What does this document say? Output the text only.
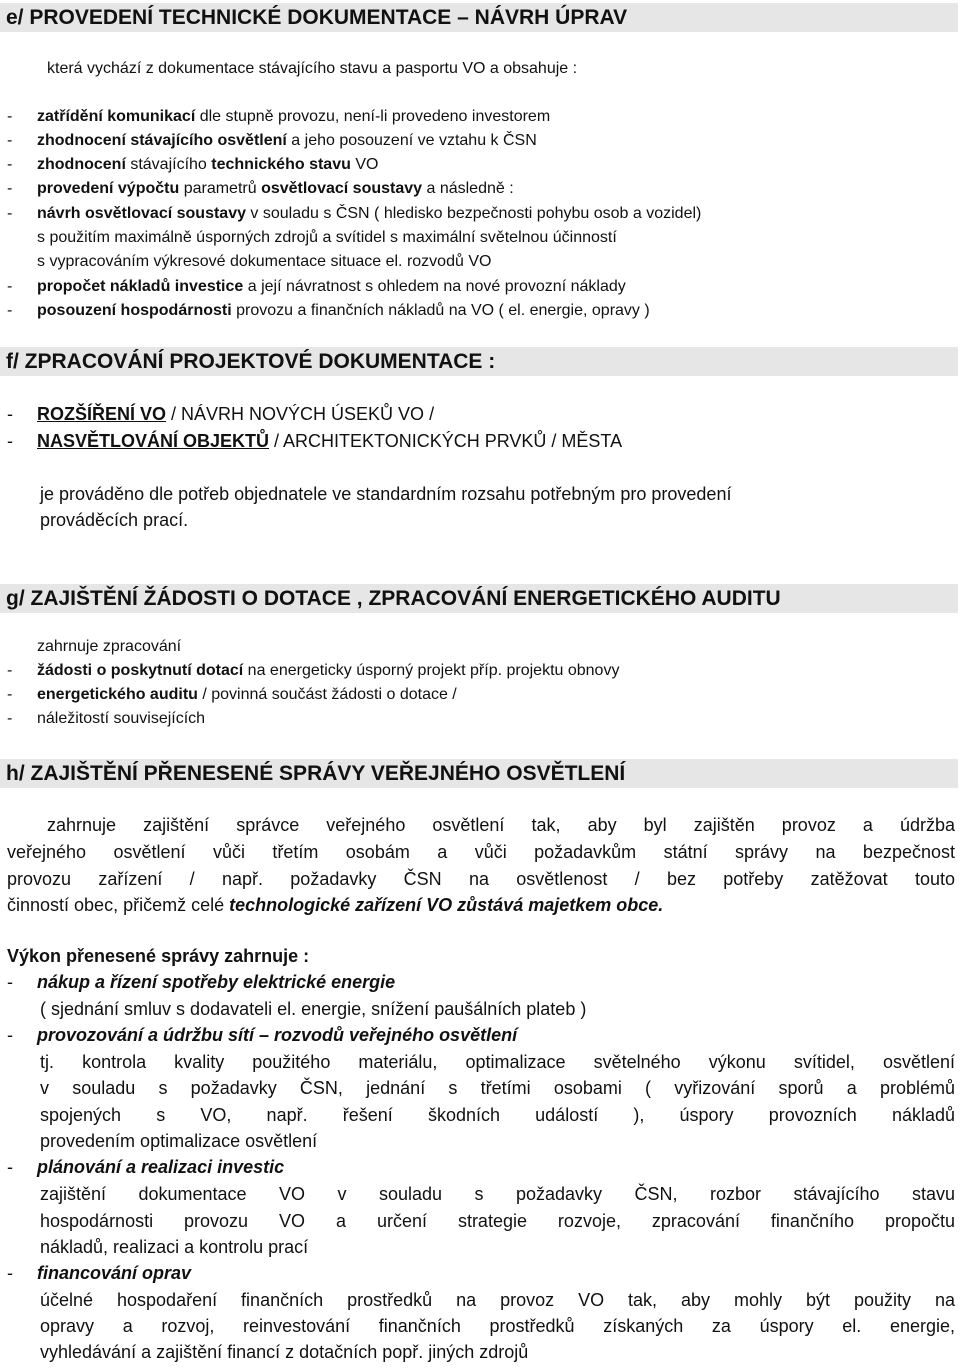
e/ PROVEDENÍ TECHNICKÉ DOKUMENTACE – NÁVRH ÚPRAV
která vychází z dokumentace stávajícího stavu a pasportu VO a obsahuje :
- zatřídění komunikací dle stupně provozu, není-li provedeno investorem
- zhodnocení stávajícího osvětlení a jeho posouzení ve vztahu k ČSN
- zhodnocení stávajícího technického stavu VO
- provedení výpočtu parametrů osvětlovací soustavy a následně :
- návrh osvětlovací soustavy v souladu s ČSN ( hledisko bezpečnosti pohybu osob a vozidel)
s použitím maximálně úsporných zdrojů a svítidel s maximální světelnou účinností
s vypracováním výkresové dokumentace situace el. rozvodů VO
- propočet nákladů investice a její návratnost s ohledem na nové provozní náklady
- posouzení hospodárnosti provozu a finančních nákladů na VO ( el. energie, opravy )
f/ ZPRACOVÁNÍ PROJEKTOVÉ DOKUMENTACE :
- ROZŠÍŘENÍ VO / NÁVRH NOVÝCH ÚSEKŮ VO /
- NASVĚTLOVÁNÍ OBJEKTŮ / ARCHITEKTONICKÝCH PRVKŮ / MĚSTA
je prováděno dle potřeb objednatele ve standardním rozsahu potřebným pro provedení
prováděcích prací.
g/ ZAJIŠTĚNÍ ŽÁDOSTI O DOTACE , ZPRACOVÁNÍ ENERGETICKÉHO AUDITU
zahrnuje zpracování
- žádosti o poskytnutí dotací na energeticky úsporný projekt příp. projektu obnovy
- energetického auditu / povinná součást žádosti o dotace /
- náležitostí souvisejících
h/ ZAJIŠTĚNÍ PŘENESENÉ SPRÁVY VEŘEJNÉHO OSVĚTLENÍ
zahrnuje zajištění správce veřejného osvětlení tak, aby byl zajištěn provoz a údržba
veřejného osvětlení vůči třetím osobám a vůči požadavkům státní správy na bezpečnost
provozu zařízení / např. požadavky ČSN na osvětlenost / bez potřeby zatěžovat touto
činností obec, přičemž celé technologické zařízení VO zůstává majetkem obce.
Výkon přenesené správy zahrnuje :
- nákup a řízení spotřeby elektrické energie
( sjednání smluv s dodavateli el. energie, snížení paušálních plateb )
- provozování a údržbu sítí – rozvodů veřejného osvětlení
tj. kontrola kvality použitého materiálu, optimalizace světelného výkonu svítidel, osvětlení
v souladu s požadavky ČSN, jednání s třetími osobami ( vyřizování sporů a problémů
spojených s VO, např. řešení škodních událostí ), úspory provozních nákladů
provedením optimalizace osvětlení
- plánování a realizaci investic
zajištění dokumentace VO v souladu s požadavky ČSN, rozbor stávajícího stavu
hospodárnosti provozu VO a určení strategie rozvoje, zpracování finančního propočtu
nákladů, realizaci a kontrolu prací
- financování oprav
účelné hospodaření finančních prostředků na provoz VO tak, aby mohly být použity na
opravy a rozvoj, reinvestování finančních prostředků získaných za úspory el. energie,
vyhledávání a zajištění financí z dotačních popř. jiných zdrojů
